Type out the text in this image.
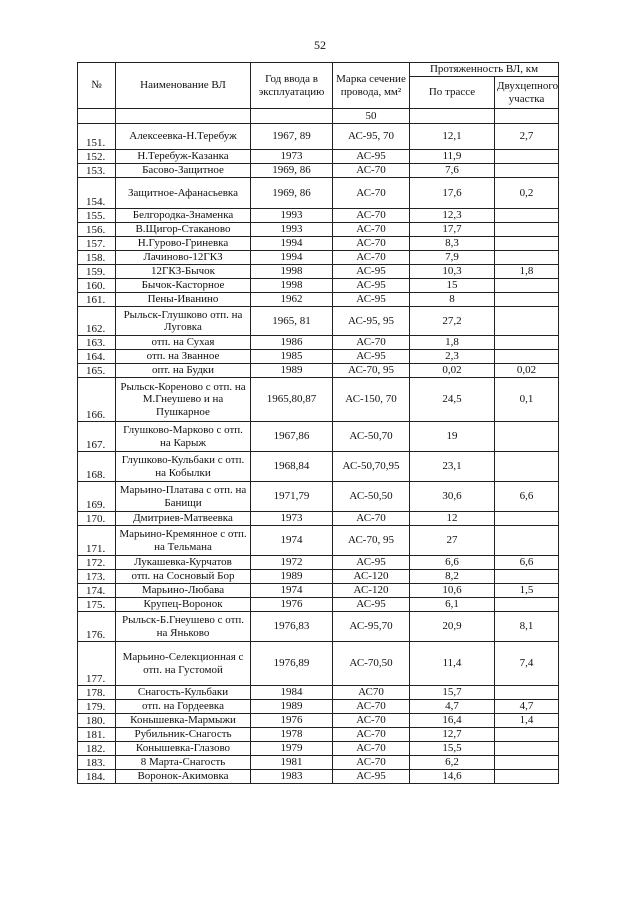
52
№	Наименование ВЛ	Год ввода в эксплуатацию	Марка сечение провода, мм²	Протяженность ВЛ, км	
				По трассе	Двухцепного участка
			50		
151.	Алексеевка-Н.Теребуж	1967, 89	АС-95, 70	12,1	2,7
152.	Н.Теребуж-Казанка	1973	АС-95	11,9	
153.	Басово-Защитное	1969, 86	АС-70	7,6	
154.	Защитное-Афанасьевка	1969, 86	АС-70	17,6	0,2
155.	Белгородка-Знаменка	1993	АС-70	12,3	
156.	В.Щигор-Стаканово	1993	АС-70	17,7	
157.	Н.Гурово-Гриневка	1994	АС-70	8,3	
158.	Лачиново-12ГКЗ	1994	АС-70	7,9	
159.	12ГКЗ-Бычок	1998	АС-95	10,3	1,8
160.	Бычок-Касторное	1998	АС-95	15	
161.	Пены-Иванино	1962	АС-95	8	
162.	Рыльск-Глушково отп. на Луговка	1965, 81	АС-95, 95	27,2	
163.	отп. на Сухая	1986	АС-70	1,8	
164.	отп. на Званное	1985	АС-95	2,3	
165.	опт. на Будки	1989	АС-70, 95	0,02	0,02
166.	Рыльск-Кореново с отп. на М.Гнеушево и на Пушкарное	1965,80,87	АС-150, 70	24,5	0,1
167.	Глушково-Марково с отп. на Карыж	1967,86	АС-50,70	19	
168.	Глушково-Кульбаки с отп. на Кобылки	1968,84	АС-50,70,95	23,1	
169.	Марьино-Платава с отп. на Банищи	1971,79	АС-50,50	30,6	6,6
170.	Дмитриев-Матвеевка	1973	АС-70	12	
171.	Марьино-Кремянное с отп. на Тельмана	1974	АС-70, 95	27	
172.	Лукашевка-Курчатов	1972	АС-95	6,6	6,6
173.	отп. на Сосновый Бор	1989	АС-120	8,2	
174.	Марьино-Любава	1974	АС-120	10,6	1,5
175.	Крупец-Воронок	1976	АС-95	6,1	
176.	Рыльск-Б.Гнеушево с отп. на Яньково	1976,83	АС-95,70	20,9	8,1
177.	Марьино-Селекционная с отп. на Густомой	1976,89	АС-70,50	11,4	7,4
178.	Снагость-Кульбаки	1984	АС70	15,7	
179.	отп. на Гордеевка	1989	АС-70	4,7	4,7
180.	Конышевка-Мармыжи	1976	АС-70	16,4	1,4
181.	Рубильник-Снагость	1978	АС-70	12,7	
182.	Конышевка-Глазово	1979	АС-70	15,5	
183.	8 Марта-Снагость	1981	АС-70	6,2	
184.	Воронок-Акимовка	1983	АС-95	14,6	
